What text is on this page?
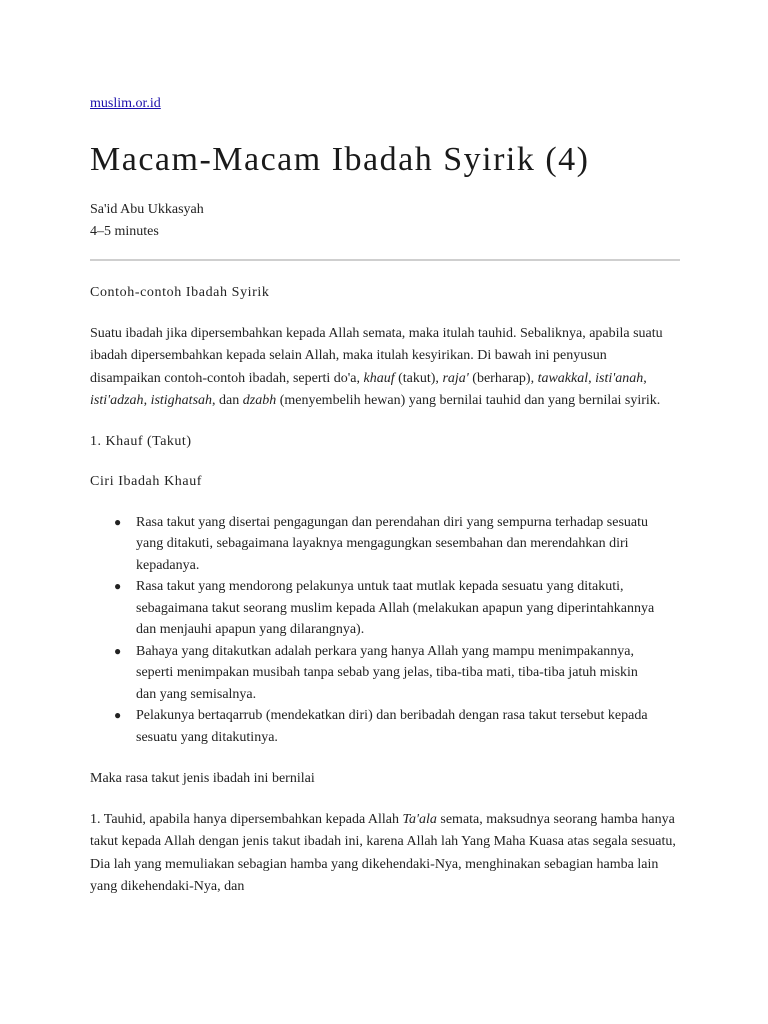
muslim.or.id
Macam-Macam Ibadah Syirik (4)
Sa'id Abu Ukkasyah
4–5 minutes

Contoh-contoh Ibadah Syirik

Suatu ibadah jika dipersembahkan kepada Allah semata, maka itulah tauhid. Sebaliknya, apabila suatu ibadah dipersembahkan kepada selain Allah, maka itulah kesyirikan. Di bawah ini penyusun disampaikan contoh-contoh ibadah, seperti do'a, khauf (takut), raja' (berharap), tawakkal, isti'anah, isti'adzah, istighatsah, dan dzabh (menyembelih hewan) yang bernilai tauhid dan yang bernilai syirik.

1. Khauf (Takut)

Ciri Ibadah Khauf

● Rasa takut yang disertai pengagungan dan perendahan diri yang sempurna terhadap sesuatu yang ditakuti, sebagaimana layaknya mengagungkan sesembahan dan merendahkan diri kepadanya.
● Rasa takut yang mendorong pelakunya untuk taat mutlak kepada sesuatu yang ditakuti, sebagaimana takut seorang muslim kepada Allah (melakukan apapun yang diperintahkannya dan menjauhi apapun yang dilarangnya).
● Bahaya yang ditakutkan adalah perkara yang hanya Allah yang mampu menimpakannya, seperti menimpakan musibah tanpa sebab yang jelas, tiba-tiba mati, tiba-tiba jatuh miskin dan yang semisalnya.
● Pelakunya bertaqarrub (mendekatkan diri) dan beribadah dengan rasa takut tersebut kepada sesuatu yang ditakutinya.

Maka rasa takut jenis ibadah ini bernilai

1. Tauhid, apabila hanya dipersembahkan kepada Allah Ta'ala semata, maksudnya seorang hamba hanya takut kepada Allah dengan jenis takut ibadah ini, karena Allah lah Yang Maha Kuasa atas segala sesuatu, Dia lah yang memuliakan sebagian hamba yang dikehendaki-Nya, menghinakan sebagian hamba lain yang dikehendaki-Nya, dan
